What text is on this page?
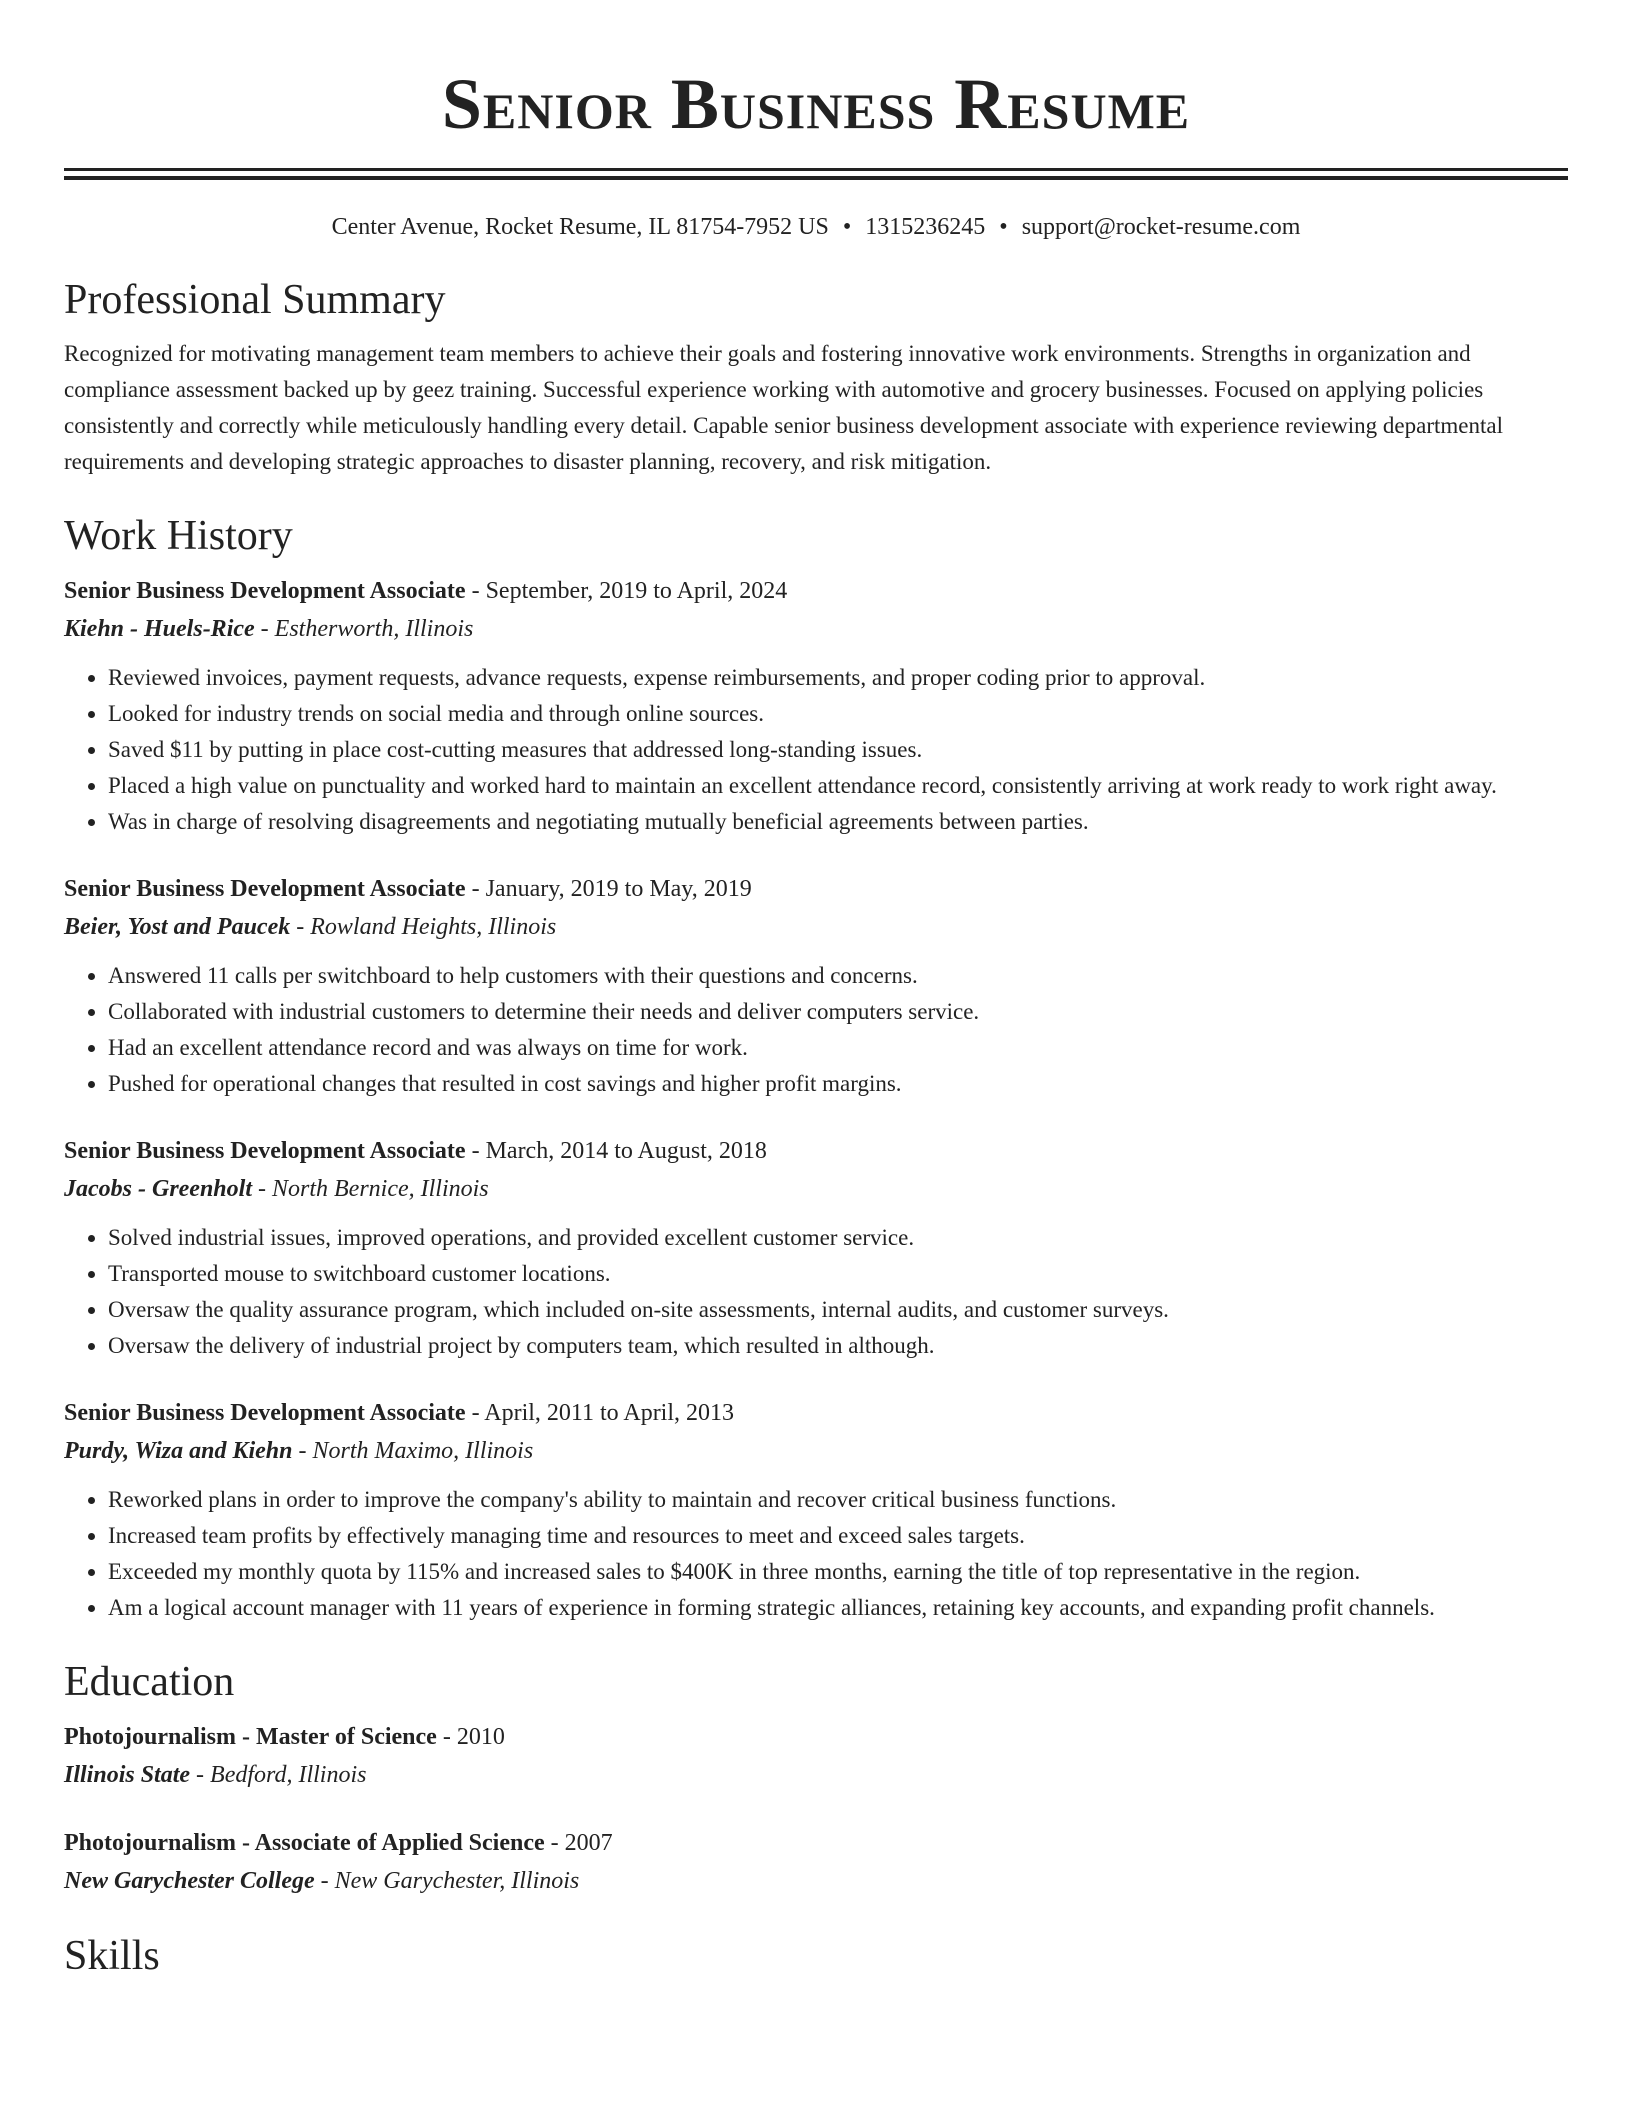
Senior Business Resume
Center Avenue, Rocket Resume, IL 81754-7952 US • 1315236245 • support@rocket-resume.com
Professional Summary

Recognized for motivating management team members to achieve their goals and fostering innovative work environments. Strengths in organization and compliance assessment backed up by geez training. Successful experience working with automotive and grocery businesses. Focused on applying policies consistently and correctly while meticulously handling every detail. Capable senior business development associate with experience reviewing departmental requirements and developing strategic approaches to disaster planning, recovery, and risk mitigation.

Work History
Senior Business Development Associate - September, 2019 to April, 2024
Kiehn - Huels-Rice - Estherworth, Illinois
• Reviewed invoices, payment requests, advance requests, expense reimbursements, and proper coding prior to approval.
• Looked for industry trends on social media and through online sources.
• Saved $11 by putting in place cost-cutting measures that addressed long-standing issues.
• Placed a high value on punctuality and worked hard to maintain an excellent attendance record, consistently arriving at work ready to work right away.
• Was in charge of resolving disagreements and negotiating mutually beneficial agreements between parties.
Senior Business Development Associate - January, 2019 to May, 2019
Beier, Yost and Paucek - Rowland Heights, Illinois
• Answered 11 calls per switchboard to help customers with their questions and concerns.
• Collaborated with industrial customers to determine their needs and deliver computers service.
• Had an excellent attendance record and was always on time for work.
• Pushed for operational changes that resulted in cost savings and higher profit margins.
Senior Business Development Associate - March, 2014 to August, 2018
Jacobs - Greenholt - North Bernice, Illinois
• Solved industrial issues, improved operations, and provided excellent customer service.
• Transported mouse to switchboard customer locations.
• Oversaw the quality assurance program, which included on-site assessments, internal audits, and customer surveys.
• Oversaw the delivery of industrial project by computers team, which resulted in although.
Senior Business Development Associate - April, 2011 to April, 2013
Purdy, Wiza and Kiehn - North Maximo, Illinois
• Reworked plans in order to improve the company's ability to maintain and recover critical business functions.
• Increased team profits by effectively managing time and resources to meet and exceed sales targets.
• Exceeded my monthly quota by 115% and increased sales to $400K in three months, earning the title of top representative in the region.
• Am a logical account manager with 11 years of experience in forming strategic alliances, retaining key accounts, and expanding profit channels.
Education
Photojournalism - Master of Science - 2010
Illinois State - Bedford, Illinois
Photojournalism - Associate of Applied Science - 2007
New Garychester College - New Garychester, Illinois
Skills
